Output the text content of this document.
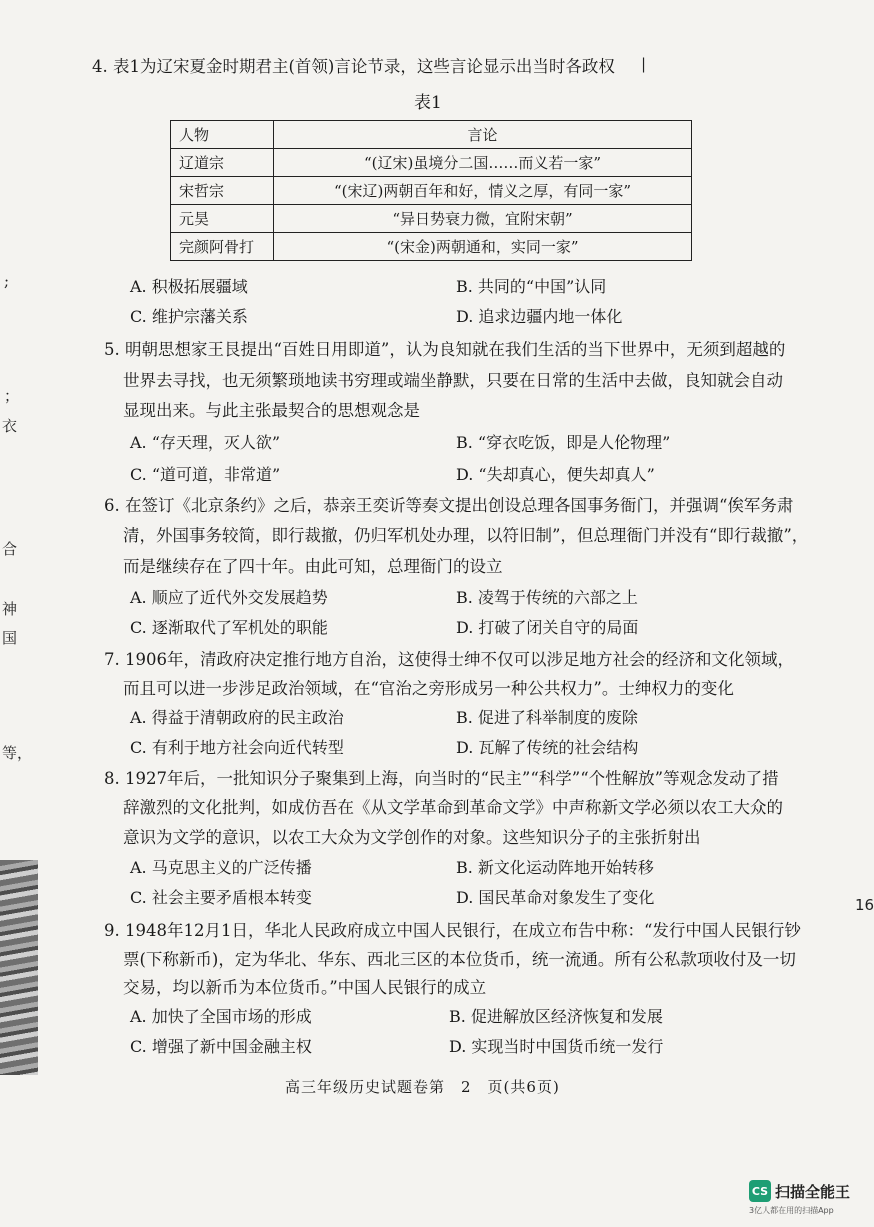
4. 表1为辽宋夏金时期君主(首领)言论节录，这些言论显示出当时各政权 |
表1
人物	言论
辽道宗	“(辽宋)虽境分二国……而义若一家”
宋哲宗	“(宋辽)两朝百年和好，情义之厚，有同一家”
元昊	“异日势衰力微，宜附宋朝”
完颜阿骨打	“(宋金)两朝通和，实同一家”
A. 积极拓展疆域	B. 共同的“中国”认同
C. 维护宗藩关系	D. 追求边疆内地一体化
5. 明朝思想家王艮提出“百姓日用即道”，认为良知就在我们生活的当下世界中，无须到超越的
世界去寻找，也无须繁琐地读书穷理或端坐静默，只要在日常的生活中去做，良知就会自动
显现出来。与此主张最契合的思想观念是
A. “存天理，灭人欲”	B. “穿衣吃饭，即是人伦物理”
C. “道可道，非常道”	D. “失却真心，便失却真人”
6. 在签订《北京条约》之后，恭亲王奕䜣等奏文提出创设总理各国事务衙门，并强调“俟军务肃
清，外国事务较简，即行裁撤，仍归军机处办理，以符旧制”，但总理衙门并没有“即行裁撤”，
而是继续存在了四十年。由此可知，总理衙门的设立
A. 顺应了近代外交发展趋势	B. 凌驾于传统的六部之上
C. 逐渐取代了军机处的职能	D. 打破了闭关自守的局面
7. 1906年，清政府决定推行地方自治，这使得士绅不仅可以涉足地方社会的经济和文化领域，
而且可以进一步涉足政治领域，在“官治之旁形成另一种公共权力”。士绅权力的变化
A. 得益于清朝政府的民主政治	B. 促进了科举制度的废除
C. 有利于地方社会向近代转型	D. 瓦解了传统的社会结构
8. 1927年后，一批知识分子聚集到上海，向当时的“民主”“科学”“个性解放”等观念发动了措
辞激烈的文化批判，如成仿吾在《从文学革命到革命文学》中声称新文学必须以农工大众的
意识为文学的意识，以农工大众为文学创作的对象。这些知识分子的主张折射出
A. 马克思主义的广泛传播	B. 新文化运动阵地开始转移
C. 社会主要矛盾根本转变	D. 国民革命对象发生了变化
9. 1948年12月1日，华北人民政府成立中国人民银行，在成立布告中称：“发行中国人民银行钞
票(下称新币)，定为华北、华东、西北三区的本位货币，统一流通。所有公私款项收付及一切
交易，均以新币为本位货币。”中国人民银行的成立
A. 加快了全国市场的形成	B. 促进解放区经济恢复和发展
C. 增强了新中国金融主权	D. 实现当时中国货币统一发行
高三年级历史试题卷第　2　页(共6页)
;
；
衣
合
神
国
等，
16
CS 扫描全能王
3亿人都在用的扫描App
